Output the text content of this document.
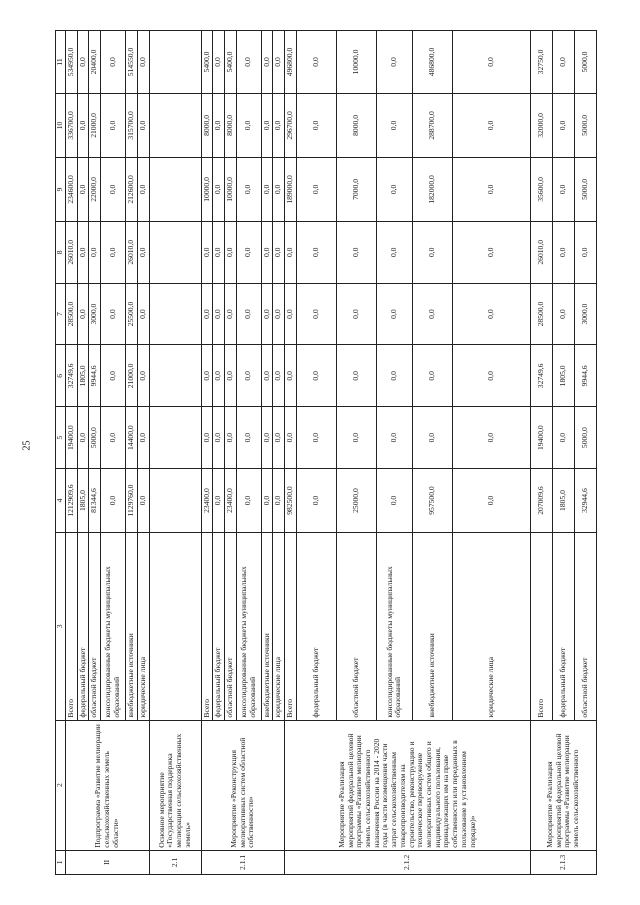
25
1	2	3	4	5	6	7	8	9	10	11
II	Подпрограмма «Развитие мелиорации сельскохозяйственных земель области»	Всего	1212909,6	19400,0	32749,6	28500,0	26010,0	234600,0	336700,0	534950,0
		федеральный бюджет	1805,0	0,0	1805,0	0,0	0,0	0,0	0,0	0,0
		областной бюджет	81344,6	5000,0	9944,6	3000,0	0,0	22000,0	21000,0	20400,0
		консолидированные бюджеты муниципальных образований	0,0	0,0	0,0	0,0	0,0	0,0	0,0	0,0
		внебюджетные источники	1129760,0	14400,0	21000,0	25500,0	26010,0	212600,0	315700,0	514550,0
		юридические лица	0,0	0,0	0,0	0,0	0,0	0,0	0,0	0,0
2.1	Основное мероприятие «Государственная поддержка мелиорации сельскохозяйственных земель»									
2.1.1	Мероприятие «Реконструкция мелиоративных систем областной собственности»	Всего	23400,0	0,0	0,0	0,0	0,0	10000,0	8000,0	5400,0
		федеральный бюджет	0,0	0,0	0,0	0,0	0,0	0,0	0,0	0,0
		областной бюджет	23400,0	0,0	0,0	0,0	0,0	10000,0	8000,0	5400,0
		консолидированные бюджеты муниципальных образований	0,0	0,0	0,0	0,0	0,0	0,0	0,0	0,0
		внебюджетные источники	0,0	0,0	0,0	0,0	0,0	0,0	0,0	0,0
		юридические лица	0,0	0,0	0,0	0,0	0,0	0,0	0,0	0,0
2.1.2	Мероприятие «Реализация мероприятий федеральной целевой программы «Развитие мелиорации земель сельскохозяйственного назначения России на 2014 - 2020 годы (в части возмещения части затрат сельскохозяйственным товаропроизводителям на строительство, реконструкцию и техническое перевооружение мелиоративных систем общего и индивидуального пользования, принадлежащих им на праве собственности или переданных в пользование в установленном порядке)»	Всего	982500,0	0,0	0,0	0,0	0,0	189000,0	296700,0	496800,0
		федеральный бюджет	0,0	0,0	0,0	0,0	0,0	0,0	0,0	0,0
		областной бюджет	25000,0	0,0	0,0	0,0	0,0	7000,0	8000,0	10000,0
		консолидированные бюджеты муниципальных образований	0,0	0,0	0,0	0,0	0,0	0,0	0,0	0,0
		внебюджетные источники	957500,0	0,0	0,0	0,0	0,0	182000,0	288700,0	486800,0
		юридические лица	0,0	0,0	0,0	0,0	0,0	0,0	0,0	0,0
2.1.3	Мероприятие «Реализация мероприятий федеральной целевой программы «Развитие мелиорации земель сельскохозяйственного	Всего	207009,6	19400,0	32749,6	28500,0	26010,0	35600,0	32000,0	32750,0
		федеральный бюджет	1805,0	0,0	1805,0	0,0	0,0	0,0	0,0	0,0
		областной бюджет	32944,6	5000,0	9944,6	3000,0	0,0	5000,0	5000,0	5000,0
